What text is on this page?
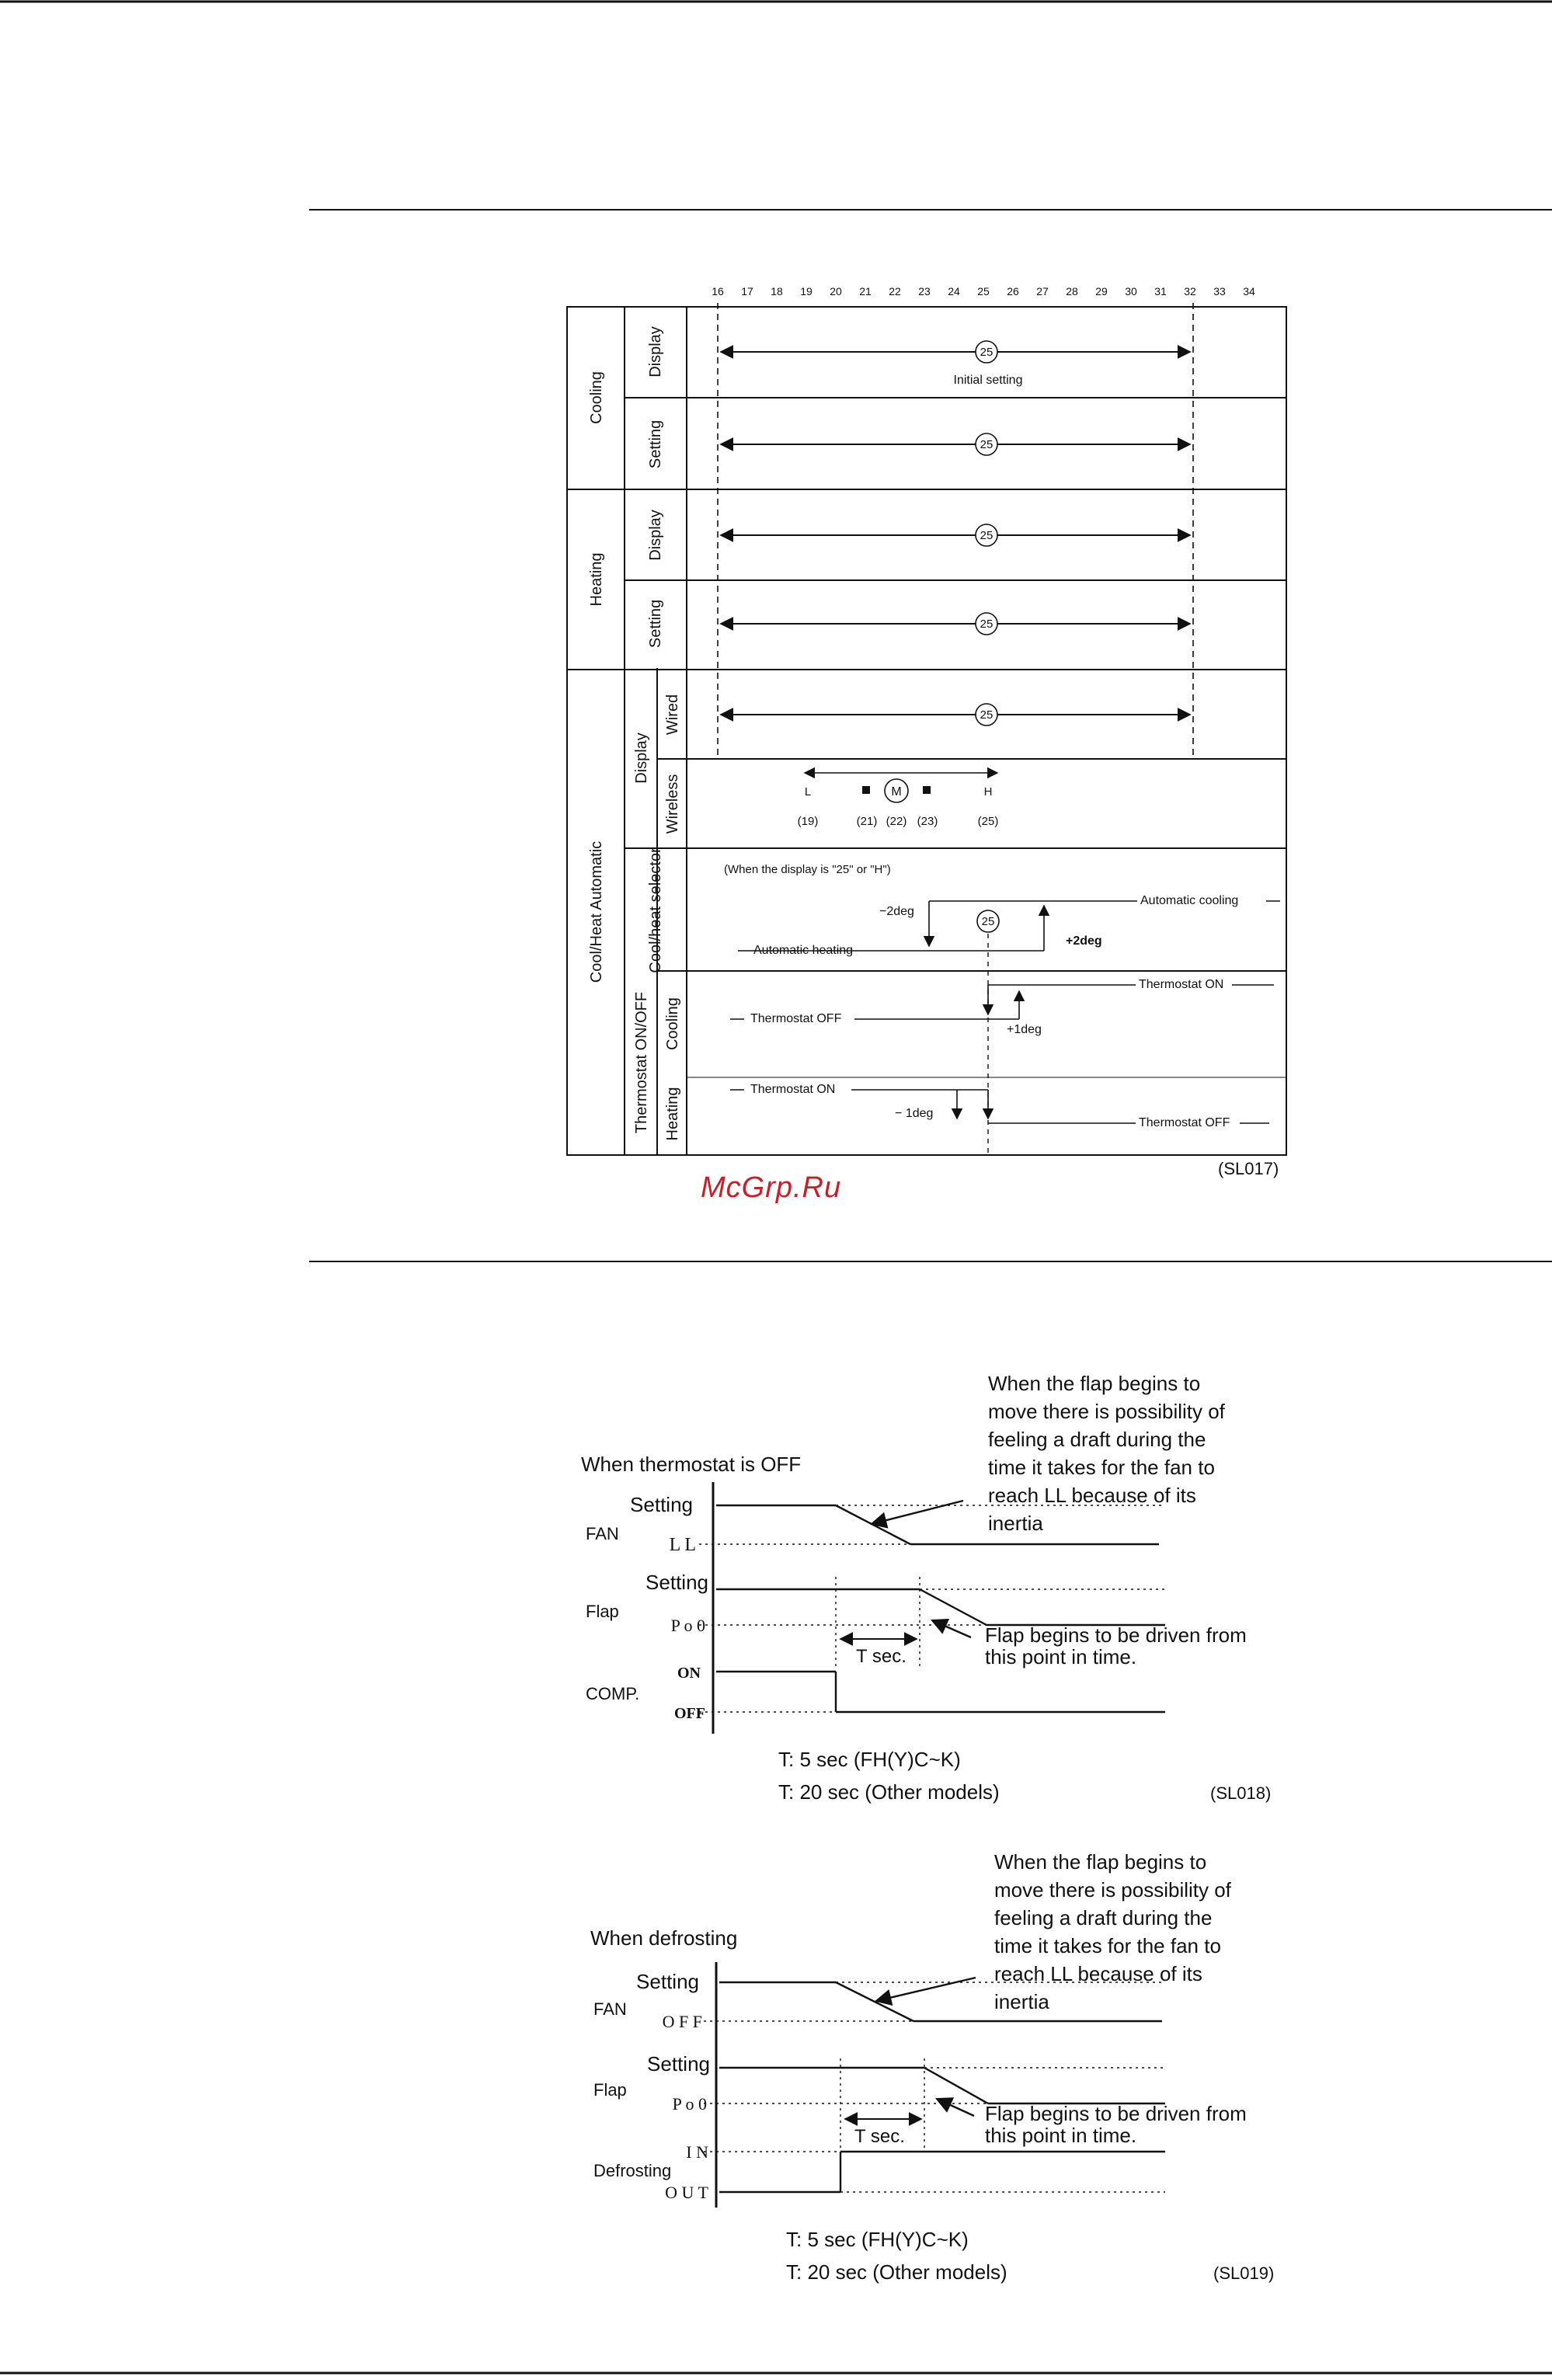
16 17 18 19 20 21 22 23 24 25 26 27 28 29 30 31 32 33 34
Cooling
Heating
Cool/Heat Automatic
Display
Setting
Display
Setting
Display
Wired
Wireless
Cool/heat selector
Thermostat ON/OFF Cooling
Heating
25
25
25
25
25
25
Initial setting
L	M	H
(19)	(21) (22) (23)	(25)
(When the display is "25" or "H")
−2deg
+2deg
Automatic heating
Automatic cooling
Thermostat OFF
Thermostat ON
+1deg
Thermostat ON
Thermostat OFF
− 1deg
(SL017)
When thermostat is OFF
When the flap begins to
move there is possibility of
feeling a draft during the
time it takes for the fan to
reach LL because of its
inertia
Setting
FAN
L L
Setting
Flap
P o 0
T sec.
Flap begins to be driven from
this point in time.
ON
COMP.
OFF
T: 5 sec (FH(Y)C~K)
T: 20 sec (Other models)	(SL018)
When defrosting
When the flap begins to
move there is possibility of
feeling a draft during the
time it takes for the fan to
reach LL because of its
inertia
Setting
FAN
O F F
Setting
Flap
P o 0
T sec.
Flap begins to be driven from
this point in time.
I N
Defrosting
O U T
T: 5 sec (FH(Y)C~K)
T: 20 sec (Other models)	(SL019)
McGrp.Ru
